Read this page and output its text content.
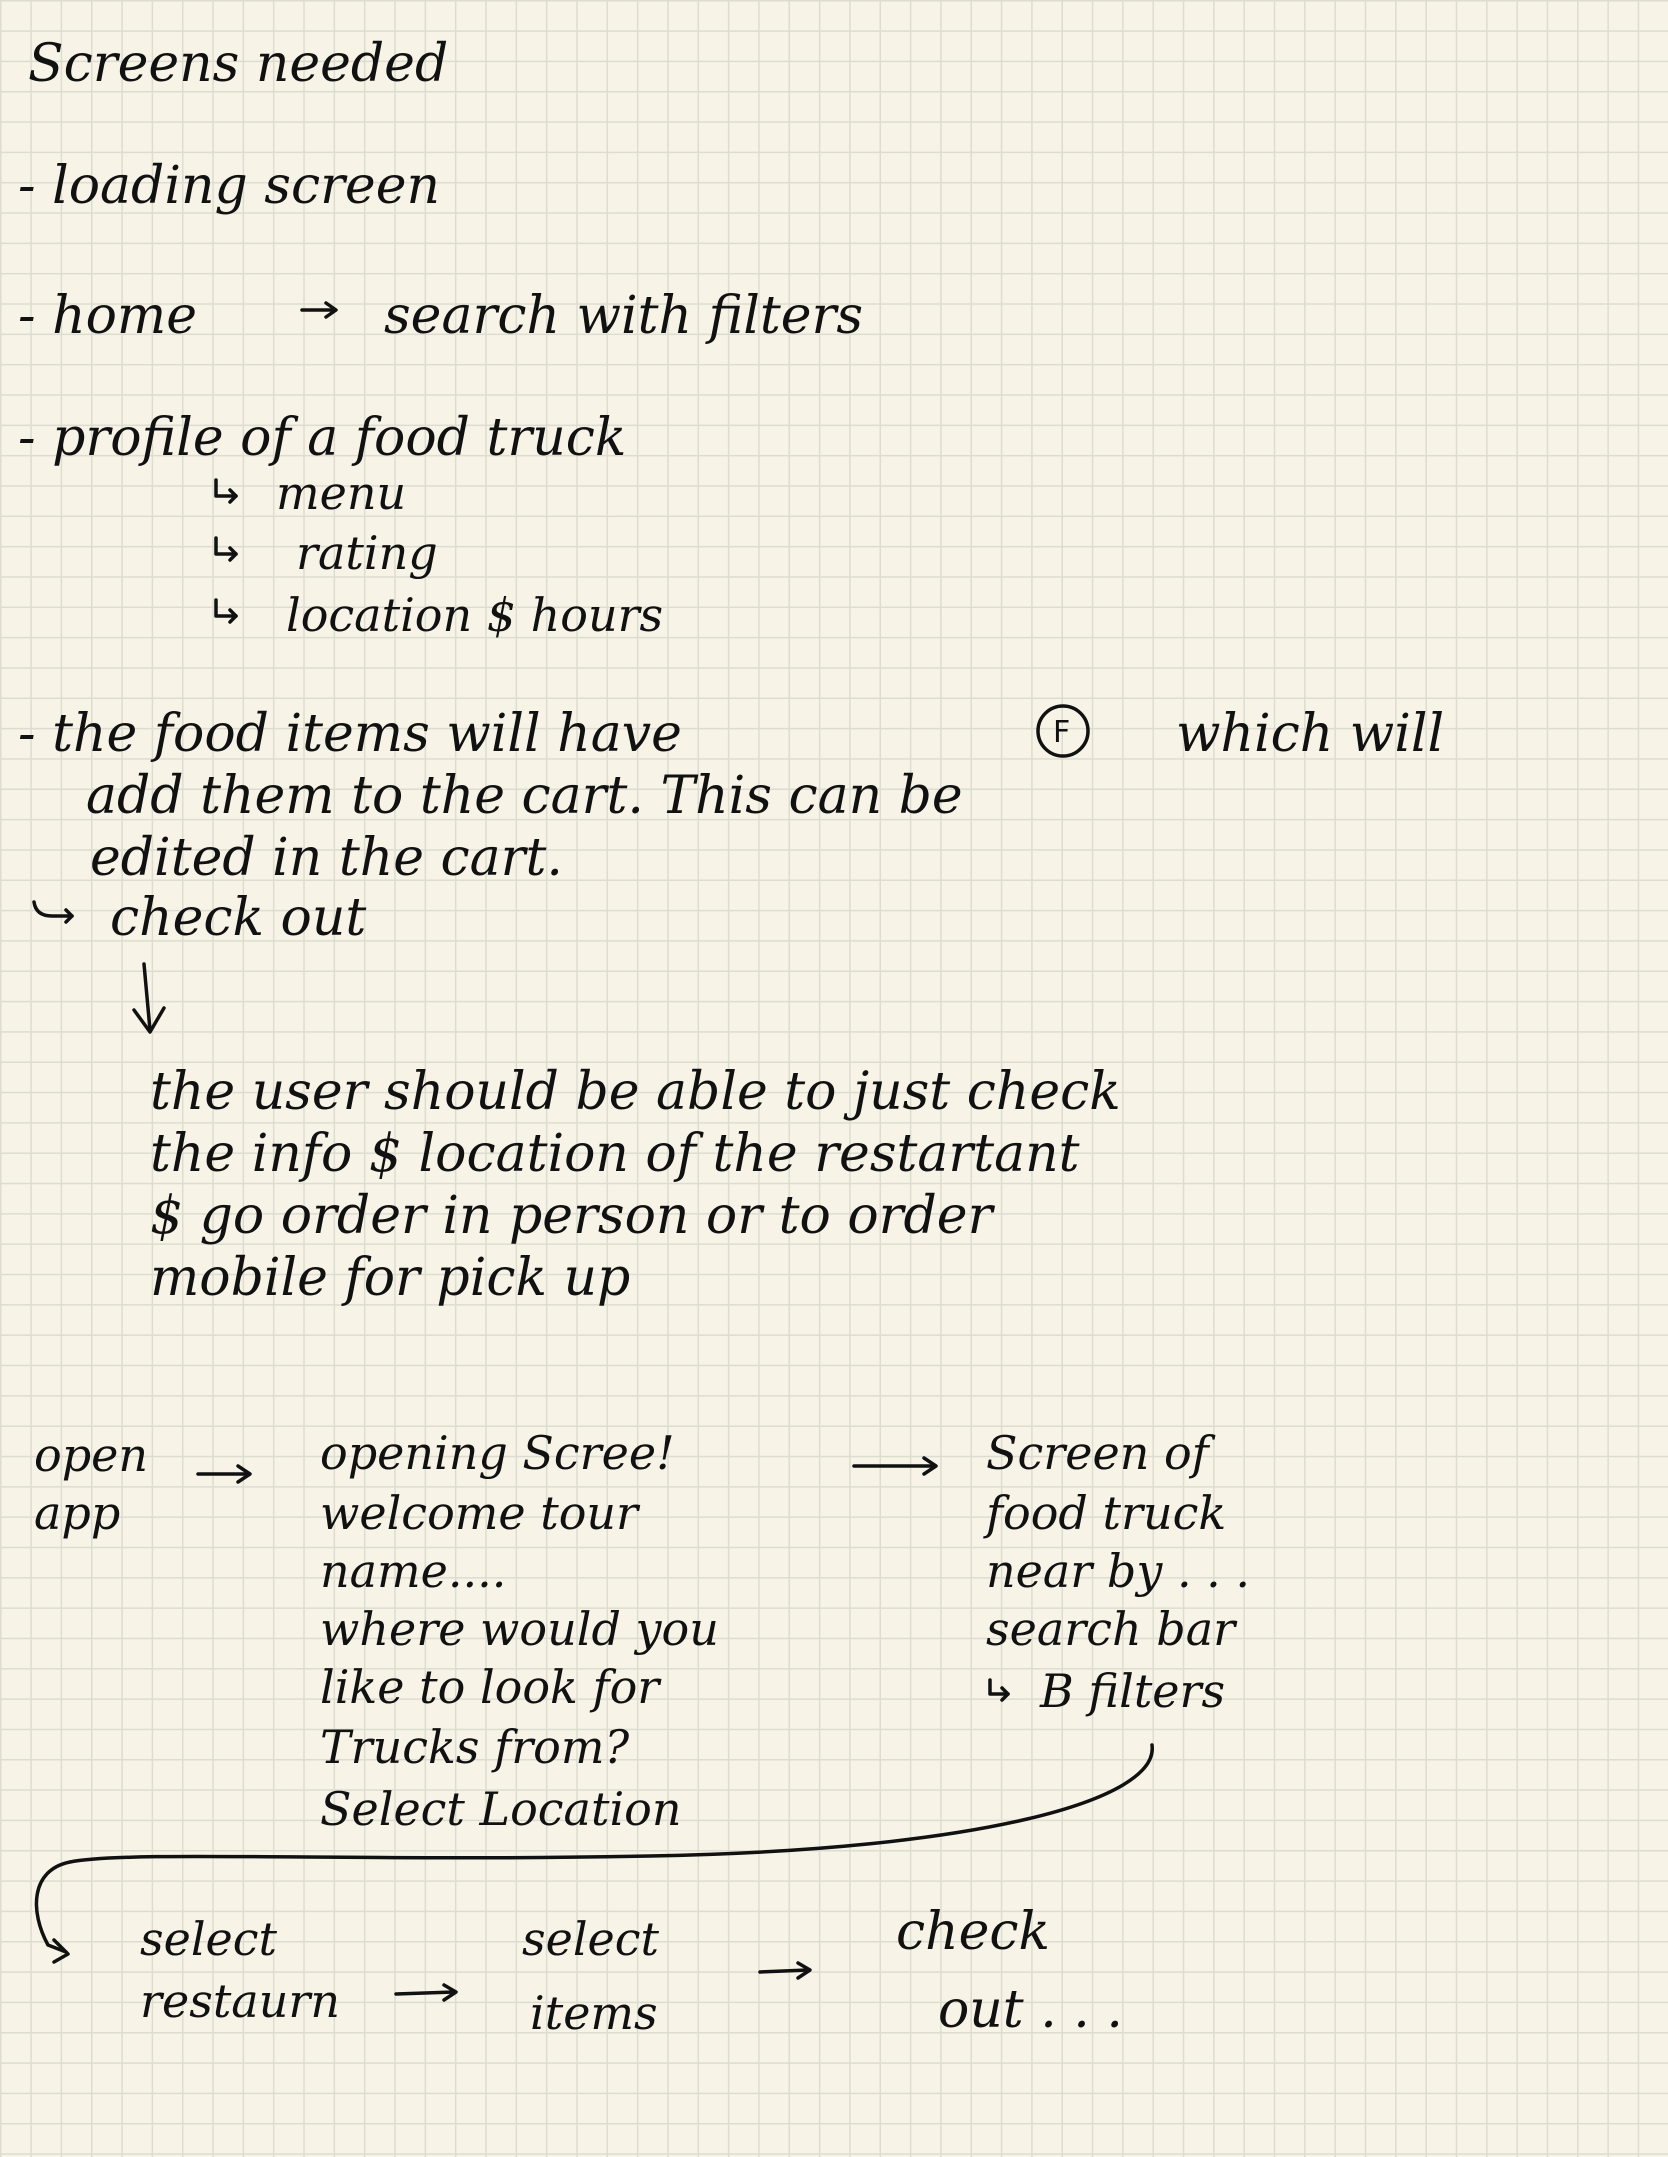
Screens needed
- loading screen
- home	search with filters
- profile of a food truck
menu
rating
location $ hours
- the food items will have	F which will
add them to the cart. This can be
edited in the cart.
check out
the user should be able to just check
the info $ location of the restartant
$ go order in person or to order
mobile for pick up
open
app
opening Scree!
welcome tour
name....
where would you
like to look for
Trucks from?
Select Location
Screen of
food truck
near by . . .
search bar
B filters
select
restaurn
select
items
check
out . . .
